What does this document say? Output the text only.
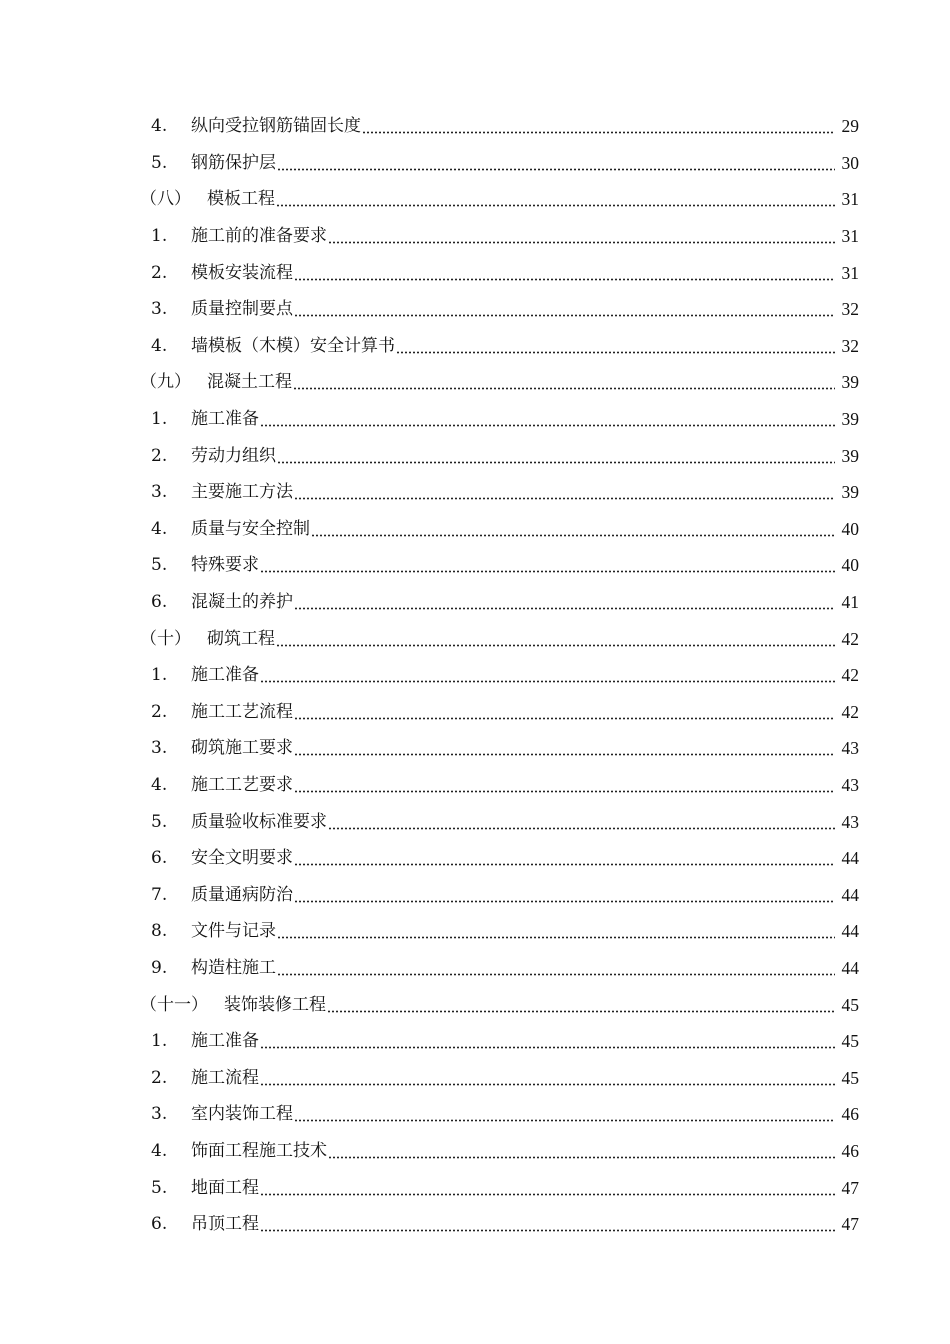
4.	纵向受拉钢筋锚固长度	29
5.	钢筋保护层	30
（八） 模板工程	31
1.	施工前的准备要求	31
2.	模板安装流程	31
3.	质量控制要点	32
4.	墙模板（木模）安全计算书	32
（九） 混凝土工程	39
1.	施工准备	39
2.	劳动力组织	39
3.	主要施工方法	39
4.	质量与安全控制	40
5.	特殊要求	40
6.	混凝土的养护	41
（十） 砌筑工程	42
1.	施工准备	42
2.	施工工艺流程	42
3.	砌筑施工要求	43
4.	施工工艺要求	43
5.	质量验收标准要求	43
6.	安全文明要求	44
7.	质量通病防治	44
8.	文件与记录	44
9.	构造柱施工	44
（十一） 装饰装修工程	45
1.	施工准备	45
2.	施工流程	45
3.	室内装饰工程	46
4.	饰面工程施工技术	46
5.	地面工程	47
6.	吊顶工程	47
